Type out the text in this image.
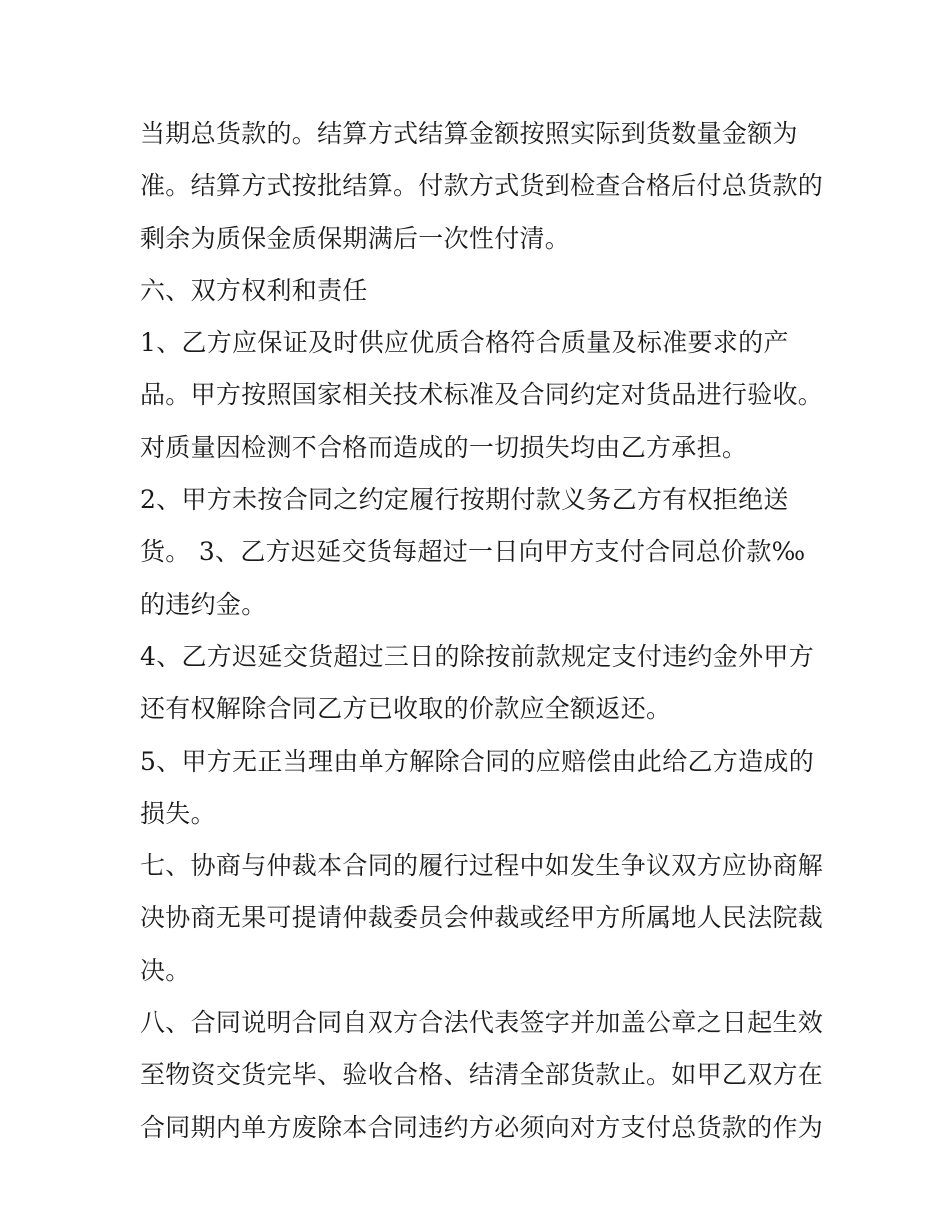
当期总货款的。结算方式结算金额按照实际到货数量金额为
准。结算方式按批结算。付款方式货到检查合格后付总货款的
剩余为质保金质保期满后一次性付清。
六、双方权利和责任
1、乙方应保证及时供应优质合格符合质量及标准要求的产
品。甲方按照国家相关技术标准及合同约定对货品进行验收。
对质量因检测不合格而造成的一切损失均由乙方承担。
2、甲方未按合同之约定履行按期付款义务乙方有权拒绝送
货。 3、乙方迟延交货每超过一日向甲方支付合同总价款‰
的违约金。
4、乙方迟延交货超过三日的除按前款规定支付违约金外甲方
还有权解除合同乙方已收取的价款应全额返还。
5、甲方无正当理由单方解除合同的应赔偿由此给乙方造成的
损失。
七、协商与仲裁本合同的履行过程中如发生争议双方应协商解
决协商无果可提请仲裁委员会仲裁或经甲方所属地人民法院裁
决。
八、合同说明合同自双方合法代表签字并加盖公章之日起生效
至物资交货完毕、验收合格、结清全部货款止。如甲乙双方在
合同期内单方废除本合同违约方必须向对方支付总货款的作为
